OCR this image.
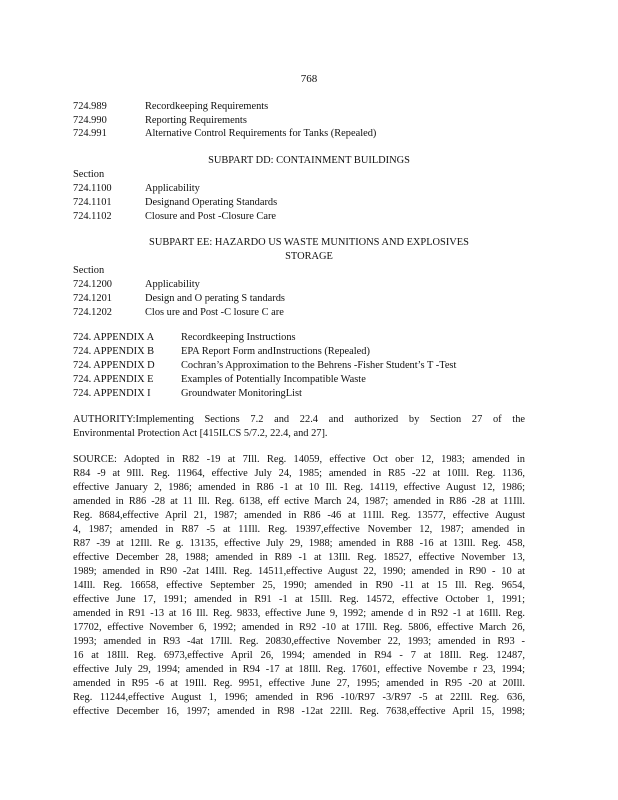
768
724.989	Recordkeeping Requirements
724.990	Reporting Requirements
724.991	Alternative Control Requirements for Tanks (Repealed)
SUBPART DD: CONTAINMENT BUILDINGS
Section
724.1100	Applicability
724.1101	Designand Operating Standards
724.1102	Closure and Post -Closure Care
SUBPART EE: HAZARDO US WASTE MUNITIONS AND EXPLOSIVES
STORAGE
Section
724.1200	Applicability
724.1201	Design and O perating S tandards
724.1202	Clos ure and Post -C losure C are
724. APPENDIX A	Recordkeeping Instructions
724. APPENDIX B	EPA Report Form andInstructions (Repealed)
724. APPENDIX D	Cochran’s Approximation to the Behrens -Fisher Student’s T -Test
724. APPENDIX E	Examples of Potentially Incompatible Waste
724. APPENDIX I	Groundwater MonitoringList
AUTHORITY:Implementing Sections 7.2 and 22.4 and authorized by Section 27 of the
Environmental Protection Act [415ILCS 5/7.2, 22.4, and 27].
SOURCE: Adopted in R82 -19 at 7Ill. Reg. 14059, effective Oct ober 12, 1983; amended in
R84 -9 at 9Ill. Reg. 11964, effective July 24, 1985; amended in R85 -22 at 10Ill. Reg. 1136,
effective January 2, 1986; amended in R86 -1 at 10 Ill. Reg. 14119, effective August 12, 1986;
amended in R86 -28 at 11 Ill. Reg. 6138, eff ective March 24, 1987; amended in R86 -28 at 11Ill.
Reg. 8684,effective April 21, 1987; amended in R86 -46 at 11Ill. Reg. 13577, effective August
4, 1987; amended in R87 -5 at 11Ill. Reg. 19397,effective November 12, 1987; amended in
R87 -39 at 12Ill. Re g. 13135, effective July 29, 1988; amended in R88 -16 at 13Ill. Reg. 458,
effective December 28, 1988; amended in R89 -1 at 13Ill. Reg. 18527, effective November 13,
1989; amended in R90 -2at 14Ill. Reg. 14511,effective August 22, 1990; amended in R90 - 10 at
14Ill. Reg. 16658, effective September 25, 1990; amended in R90 -11 at 15 Ill. Reg. 9654,
effective June 17, 1991; amended in R91 -1 at 15Ill. Reg. 14572, effective October 1, 1991;
amended in R91 -13 at 16 Ill. Reg. 9833, effective June 9, 1992; amende d in R92 -1 at 16Ill. Reg.
17702, effective November 6, 1992; amended in R92 -10 at 17Ill. Reg. 5806, effective March 26,
1993; amended in R93 -4at 17Ill. Reg. 20830,effective November 22, 1993; amended in R93 -
16 at 18Ill. Reg. 6973,effective April 26, 1994; amended in R94 - 7 at 18Ill. Reg. 12487,
effective July 29, 1994; amended in R94 -17 at 18Ill. Reg. 17601, effective Novembe r 23, 1994;
amended in R95 -6 at 19Ill. Reg. 9951, effective June 27, 1995; amended in R95 -20 at 20Ill.
Reg. 11244,effective August 1, 1996; amended in R96 -10/R97 -3/R97 -5 at 22Ill. Reg. 636,
effective December 16, 1997; amended in R98 -12at 22Ill. Reg. 7638,effective April 15, 1998;
